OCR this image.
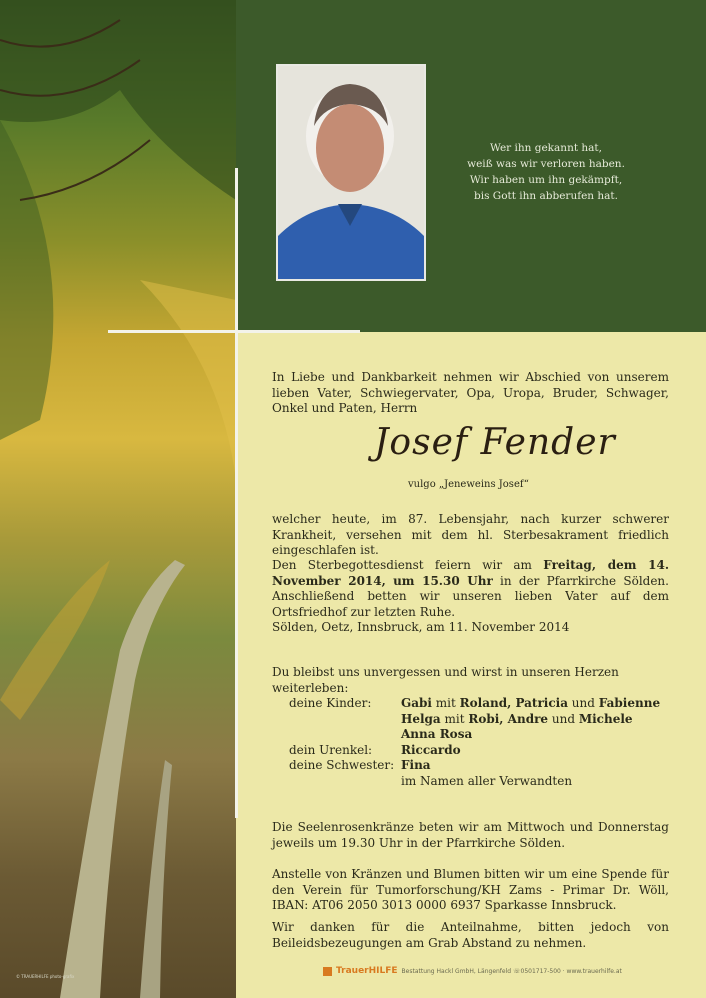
Wer ihn gekannt hat,
weiß was wir verloren haben.
Wir haben um ihn gekämpft,
bis Gott ihn abberufen hat.

In Liebe und Dankbarkeit nehmen wir Abschied von unserem lieben Vater, Schwiegervater, Opa, Uropa, Bruder, Schwager, Onkel und Paten, Herrn

Josef Fender
vulgo „Jeneweins Josef“

welcher heute, im 87. Lebensjahr, nach kurzer schwerer Krankheit, versehen mit dem hl. Sterbesakrament friedlich eingeschlafen ist.

Den Sterbegottesdienst feiern wir am Freitag, dem 14. November 2014, um 15.30 Uhr in der Pfarrkirche Sölden. Anschließend betten wir unseren lieben Vater auf dem Ortsfriedhof zur letzten Ruhe.

Sölden, Oetz, Innsbruck, am 11. November 2014
Du bleibst uns unvergessen und wirst in unseren Herzen weiterleben:
deine Kinder:	Gabi mit Roland, Patricia und Fabienne
Helga mit Robi, Andre und Michele
Anna Rosa
dein Urenkel:	Riccardo
deine Schwester: Fina
im Namen aller Verwandten

Die Seelenrosenkränze beten wir am Mittwoch und Donnerstag jeweils um 19.30 Uhr in der Pfarrkirche Sölden.

Anstelle von Kränzen und Blumen bitten wir um eine Spende für den Verein für Tumorforschung/KH Zams - Primar Dr. Wöll, IBAN: AT06 2050 3013 0000 6937 Sparkasse Innsbruck.

Wir danken für die Anteilnahme, bitten jedoch von Beileidsbezeugungen am Grab Abstand zu nehmen.

TrauerHILFE Bestattung Hackl GmbH, Längenfeld ☏0501717-500 · www.trauerhilfe.at
© TRAUERHILFE photo-grafix
